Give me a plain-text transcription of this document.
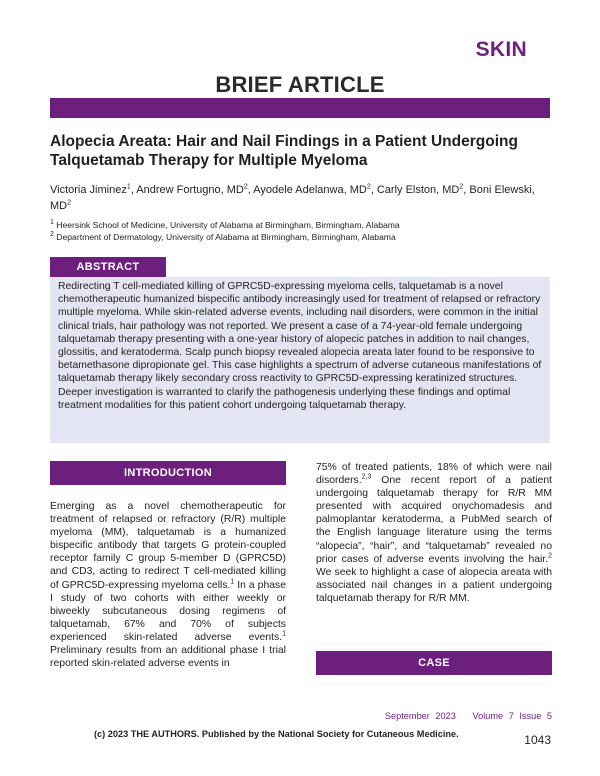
SKIN
BRIEF ARTICLE
Alopecia Areata: Hair and Nail Findings in a Patient Undergoing Talquetamab Therapy for Multiple Myeloma
Victoria Jiminez$^1$, Andrew Fortugno, $MD^2$, Ayodele Adelanwa, $MD^2$, Carly Elston, $MD^2$, Boni Elewski, $MD^2$
$^1$ Heersink School of Medicine, University of Alabama at Birmingham, Birmingham, Alabama
$^2$ Department of Dermatology, University of Alabama at Birmingham, Birmingham, Alabama
ABSTRACT
Redirecting T cell-mediated killing of GPRC5D-expressing myeloma cells, talquetamab is a novel chemotherapeutic humanized bispecific antibody increasingly used for treatment of relapsed or refractory multiple myeloma. While skin-related adverse events, including nail disorders, were common in the initial clinical trials, hair pathology was not reported. We present a case of a 74-year-old female undergoing talquetamab therapy presenting with a one-year history of alopecic patches in addition to nail changes, glossitis, and keratoderma. Scalp punch biopsy revealed alopecia areata later found to be responsive to betamethasone dipropionate gel. This case highlights a spectrum of adverse cutaneous manifestations of talquetamab therapy likely secondary cross reactivity to GPRC5D-expressing keratinized structures. Deeper investigation is warranted to clarify the pathogenesis underlying these findings and optimal treatment modalities for this patient cohort undergoing talquetamab therapy.
INTRODUCTION
Emerging as a novel chemotherapeutic for treatment of relapsed or refractory (R/R) multiple myeloma (MM), talquetamab is a humanized bispecific antibody that targets G protein-coupled receptor family C group 5-member D (GPRC5D) and CD3, acting to redirect T cell-mediated killing of GPRC5D-expressing myeloma cells.$^1$ In a phase I study of two cohorts with either weekly or biweekly subcutaneous dosing regimens of talquetamab, 67% and 70% of subjects experienced skin-related adverse events.$^1$ Preliminary results from an additional phase I trial reported skin-related adverse events in
75% of treated patients, 18% of which were nail disorders.$^{2,3}$ One recent report of a patient undergoing talquetamab therapy for R/R MM presented with acquired onychomadesis and palmoplantar keratoderma, a PubMed search of the English language literature using the terms “alopecia”, “hair”, and “talquetamab” revealed no prior cases of adverse events involving the hair.$^2$ We seek to highlight a case of alopecia areata with associated nail changes in a patient undergoing talquetamab therapy for R/R MM.
CASE
September 2023 Volume 7 Issue 5
(c) 2023 THE AUTHORS. Published by the National Society for Cutaneous Medicine.	1043
